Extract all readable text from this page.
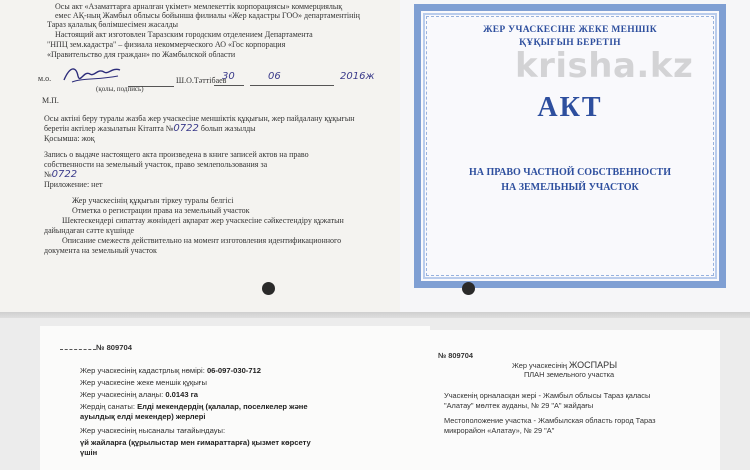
Осы акт «Азаматтарға арналған үкімет» мемлекеттік корпорациясы» коммерциялық
емес АҚ-ның Жамбыл облысы бойынша филиалы «Жер кадастры ГОО» департаментінің
Тараз қалалық бөлімшесімен жасалды
Настоящий акт изготовлен Таразским городским отделением Департамента
"НПЦ зем.кадастра" – физиала некоммерческого АО «Гос корпорация
«Правительство для граждан» по Жамбылской области
м.о.	Ш.О.Тәттібаев
30	06	2016ж
(қолы, подпись)
М.П.
Осы актіні беру туралы жазба жер учаскесіне меншіктік құқығын, жер пайдалану құқығын
беретін актілер жазылатын Кітапта №0722 болып жазылды
Қосымша: жоқ
Запись о выдаче настоящего акта произведена в книге записей актов на право
собственности на земельный участок, право землепользования за
№0722
Приложение: нет
Жер учаскесінің құқығын тіркеу туралы белгісі
Отметка о регистрации права на земельный участок
Шектескендері сипаттау жөніндегі ақпарат жер учаскесіне сәйкестендіру құжатын
дайындаған сәтте күшінде
Описание смежеств действительно на момент изготовления идентификационного
документа на земельный участок
ЖЕР УЧАСКЕСІНЕ ЖЕКЕ МЕНШІК
ҚҰҚЫҒЫН БЕРЕТІН
krisha.kz
АКТ
НА ПРАВО ЧАСТНОЙ СОБСТВЕННОСТИ
НА ЗЕМЕЛЬНЫЙ УЧАСТОК
№ 809704
Жер учаскесінің кадастрлық нөмірі: 06-097-030-712
Жер учаскесіне жеке меншік құқығы
Жер учаскесінің алаңы: 0.0143 га
Жердің санаты: Елді мекендердің (қалалар, поселкелер және
ауылдық елді мекендер) жерлері
Жер учаскесінің нысаналы тағайындауы:
үй жайларға (құрылыстар мен ғимараттарға) қызмет көрсету
үшін
№ 809704
Жер учаскесінің ЖОСПАРЫ
ПЛАН земельного участка
Учаскенің орналасқан жері - Жамбыл облысы Тараз қаласы
"Алатау" мөлтек ауданы, № 29 "А" жайдағы
Местоположение участка - Жамбылская область город Тараз
микрорайон «Алатау», № 29 "А"
